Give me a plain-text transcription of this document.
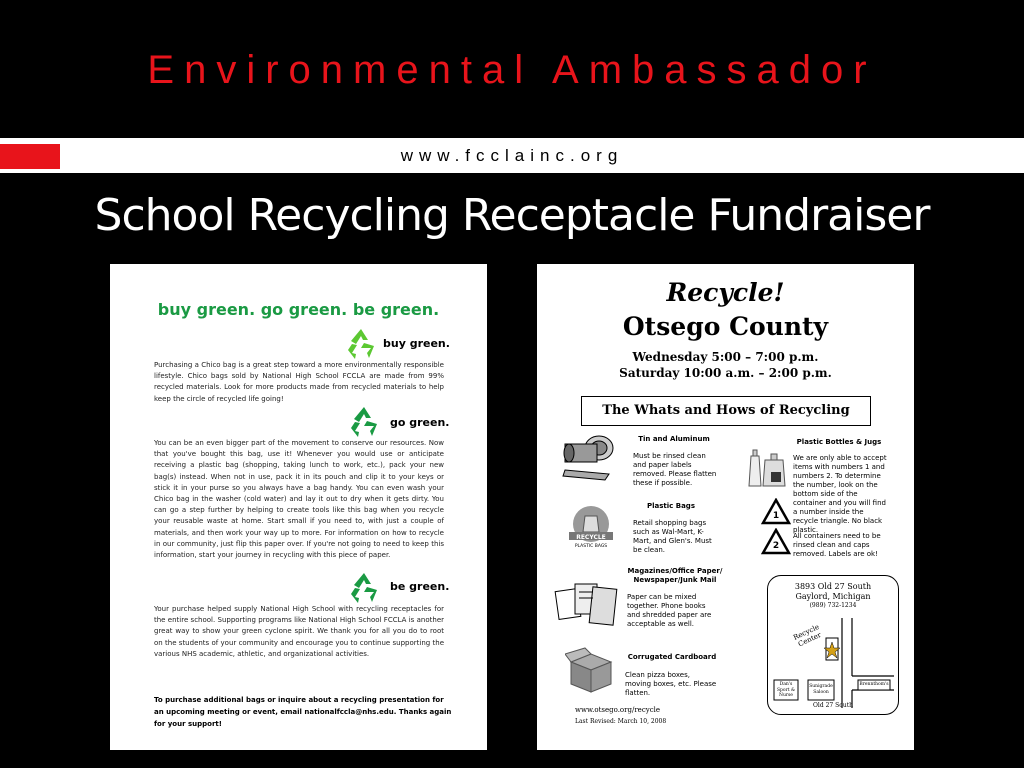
Environmental Ambassador
www.fcclainc.org
School Recycling Receptacle Fundraiser
buy green. go green. be green.
buy green.
Purchasing a Chico bag is a great step toward a more environmentally responsible lifestyle. Chico bags sold by National High School FCCLA are made from 99% recycled materials. Look for more products made from recycled materials to help keep the circle of recycled life going!
go green.
You can be an even bigger part of the movement to conserve our resources. Now that you've bought this bag, use it! Whenever you would use or anticipate receiving a plastic bag (shopping, taking lunch to work, etc.), pack your new bag(s) instead. When not in use, pack it in its pouch and clip it to your keys or stick it in your purse so you always have a bag handy. You can even wash your Chico bag in the washer (cold water) and lay it out to dry when it gets dirty. You can go a step further by helping to create tools like this bag when you recycle your reusable waste at home. Start small if you need to, with just a couple of materials, and then work your way up to more. For information on how to recycle in our community, just flip this paper over. If you're not going to need to keep this information, start your journey in recycling with this piece of paper.
be green.
Your purchase helped supply National High School with recycling receptacles for the entire school. Supporting programs like National High School FCCLA is another great way to show your green cyclone spirit. We thank you for all you do to root on the students of your community and encourage you to continue supporting the various NHS academic, athletic, and organizational activities.
To purchase additional bags or inquire about a recycling presentation for an upcoming meeting or event, email nationalfccla@nhs.edu. Thanks again for your support!
Recycle!
Otsego County
Wednesday 5:00 – 7:00 p.m.
Saturday 10:00 a.m. – 2:00 p.m.
The Whats and Hows of Recycling
Tin and Aluminum
Must be rinsed clean and paper labels removed. Please flatten these if possible.
RECYCLE
PLASTIC BAGS
Plastic Bags
Retail shopping bags such as Wal-Mart, K-Mart, and Glen's. Must be clean.
Magazines/Office Paper/ Newspaper/Junk Mail
Paper can be mixed together. Phone books and shredded paper are acceptable as well.
Corrugated Cardboard
Clean pizza boxes, moving boxes, etc. Please flatten.
Plastic Bottles & Jugs
We are only able to accept items with numbers 1 and numbers 2. To determine the number, look on the bottom side of the container and you will find a number inside the recycle triangle. No black plastic.
All containers need to be rinsed clean and caps removed. Labels are ok!
1
2
3893 Old 27 South
Gaylord, Michigan
(989) 732-1234
Recycle Center
Dan's Sport & Nurse
Sunigrade Saloon
Brennthom's
Old 27 South
www.otsego.org/recycle
Last Revised: March 10, 2008
